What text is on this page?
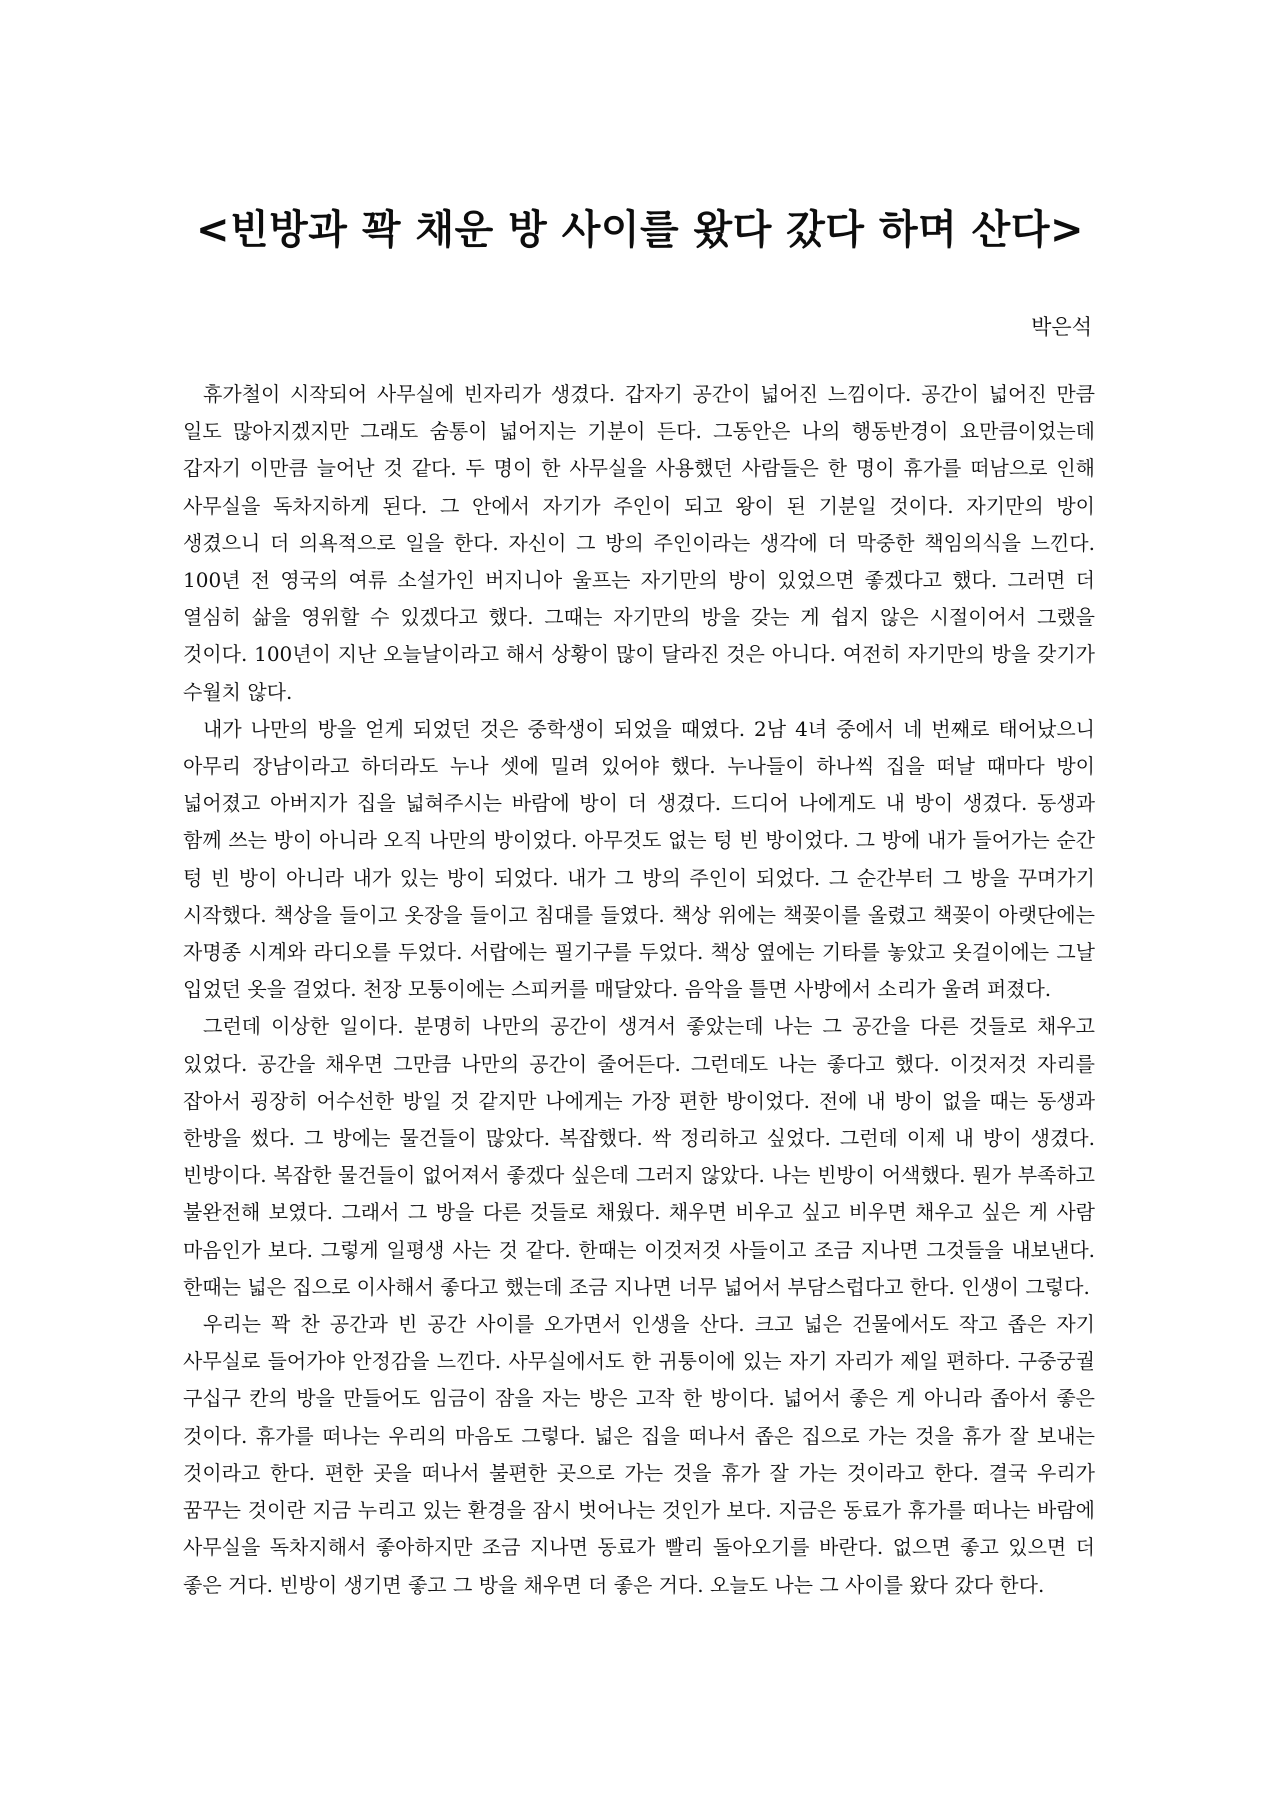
<빈방과 꽉 채운 방 사이를 왔다 갔다 하며 산다>
박은석

휴가철이 시작되어 사무실에 빈자리가 생겼다. 갑자기 공간이 넓어진 느낌이다. 공간이 넓어진 만큼 일도 많아지겠지만 그래도 숨통이 넓어지는 기분이 든다. 그동안은 나의 행동반경이 요만큼이었는데 갑자기 이만큼 늘어난 것 같다. 두 명이 한 사무실을 사용했던 사람들은 한 명이 휴가를 떠남으로 인해 사무실을 독차지하게 된다. 그 안에서 자기가 주인이 되고 왕이 된 기분일 것이다. 자기만의 방이 생겼으니 더 의욕적으로 일을 한다. 자신이 그 방의 주인이라는 생각에 더 막중한 책임의식을 느낀다. 100년 전 영국의 여류 소설가인 버지니아 울프는 자기만의 방이 있었으면 좋겠다고 했다. 그러면 더 열심히 삶을 영위할 수 있겠다고 했다. 그때는 자기만의 방을 갖는 게 쉽지 않은 시절이어서 그랬을 것이다. 100년이 지난 오늘날이라고 해서 상황이 많이 달라진 것은 아니다. 여전히 자기만의 방을 갖기가 수월치 않다.

내가 나만의 방을 얻게 되었던 것은 중학생이 되었을 때였다. 2남 4녀 중에서 네 번째로 태어났으니 아무리 장남이라고 하더라도 누나 셋에 밀려 있어야 했다. 누나들이 하나씩 집을 떠날 때마다 방이 넓어졌고 아버지가 집을 넓혀주시는 바람에 방이 더 생겼다. 드디어 나에게도 내 방이 생겼다. 동생과 함께 쓰는 방이 아니라 오직 나만의 방이었다. 아무것도 없는 텅 빈 방이었다. 그 방에 내가 들어가는 순간 텅 빈 방이 아니라 내가 있는 방이 되었다. 내가 그 방의 주인이 되었다. 그 순간부터 그 방을 꾸며가기 시작했다. 책상을 들이고 옷장을 들이고 침대를 들였다. 책상 위에는 책꽂이를 올렸고 책꽂이 아랫단에는 자명종 시계와 라디오를 두었다. 서랍에는 필기구를 두었다. 책상 옆에는 기타를 놓았고 옷걸이에는 그날 입었던 옷을 걸었다. 천장 모퉁이에는 스피커를 매달았다. 음악을 틀면 사방에서 소리가 울려 퍼졌다.

그런데 이상한 일이다. 분명히 나만의 공간이 생겨서 좋았는데 나는 그 공간을 다른 것들로 채우고 있었다. 공간을 채우면 그만큼 나만의 공간이 줄어든다. 그런데도 나는 좋다고 했다. 이것저것 자리를 잡아서 굉장히 어수선한 방일 것 같지만 나에게는 가장 편한 방이었다. 전에 내 방이 없을 때는 동생과 한방을 썼다. 그 방에는 물건들이 많았다. 복잡했다. 싹 정리하고 싶었다. 그런데 이제 내 방이 생겼다. 빈방이다. 복잡한 물건들이 없어져서 좋겠다 싶은데 그러지 않았다. 나는 빈방이 어색했다. 뭔가 부족하고 불완전해 보였다. 그래서 그 방을 다른 것들로 채웠다. 채우면 비우고 싶고 비우면 채우고 싶은 게 사람 마음인가 보다. 그렇게 일평생 사는 것 같다. 한때는 이것저것 사들이고 조금 지나면 그것들을 내보낸다. 한때는 넓은 집으로 이사해서 좋다고 했는데 조금 지나면 너무 넓어서 부담스럽다고 한다. 인생이 그렇다.

우리는 꽉 찬 공간과 빈 공간 사이를 오가면서 인생을 산다. 크고 넓은 건물에서도 작고 좁은 자기 사무실로 들어가야 안정감을 느낀다. 사무실에서도 한 귀퉁이에 있는 자기 자리가 제일 편하다. 구중궁궐 구십구 칸의 방을 만들어도 임금이 잠을 자는 방은 고작 한 방이다. 넓어서 좋은 게 아니라 좁아서 좋은 것이다. 휴가를 떠나는 우리의 마음도 그렇다. 넓은 집을 떠나서 좁은 집으로 가는 것을 휴가 잘 보내는 것이라고 한다. 편한 곳을 떠나서 불편한 곳으로 가는 것을 휴가 잘 가는 것이라고 한다. 결국 우리가 꿈꾸는 것이란 지금 누리고 있는 환경을 잠시 벗어나는 것인가 보다. 지금은 동료가 휴가를 떠나는 바람에 사무실을 독차지해서 좋아하지만 조금 지나면 동료가 빨리 돌아오기를 바란다. 없으면 좋고 있으면 더 좋은 거다. 빈방이 생기면 좋고 그 방을 채우면 더 좋은 거다. 오늘도 나는 그 사이를 왔다 갔다 한다.
